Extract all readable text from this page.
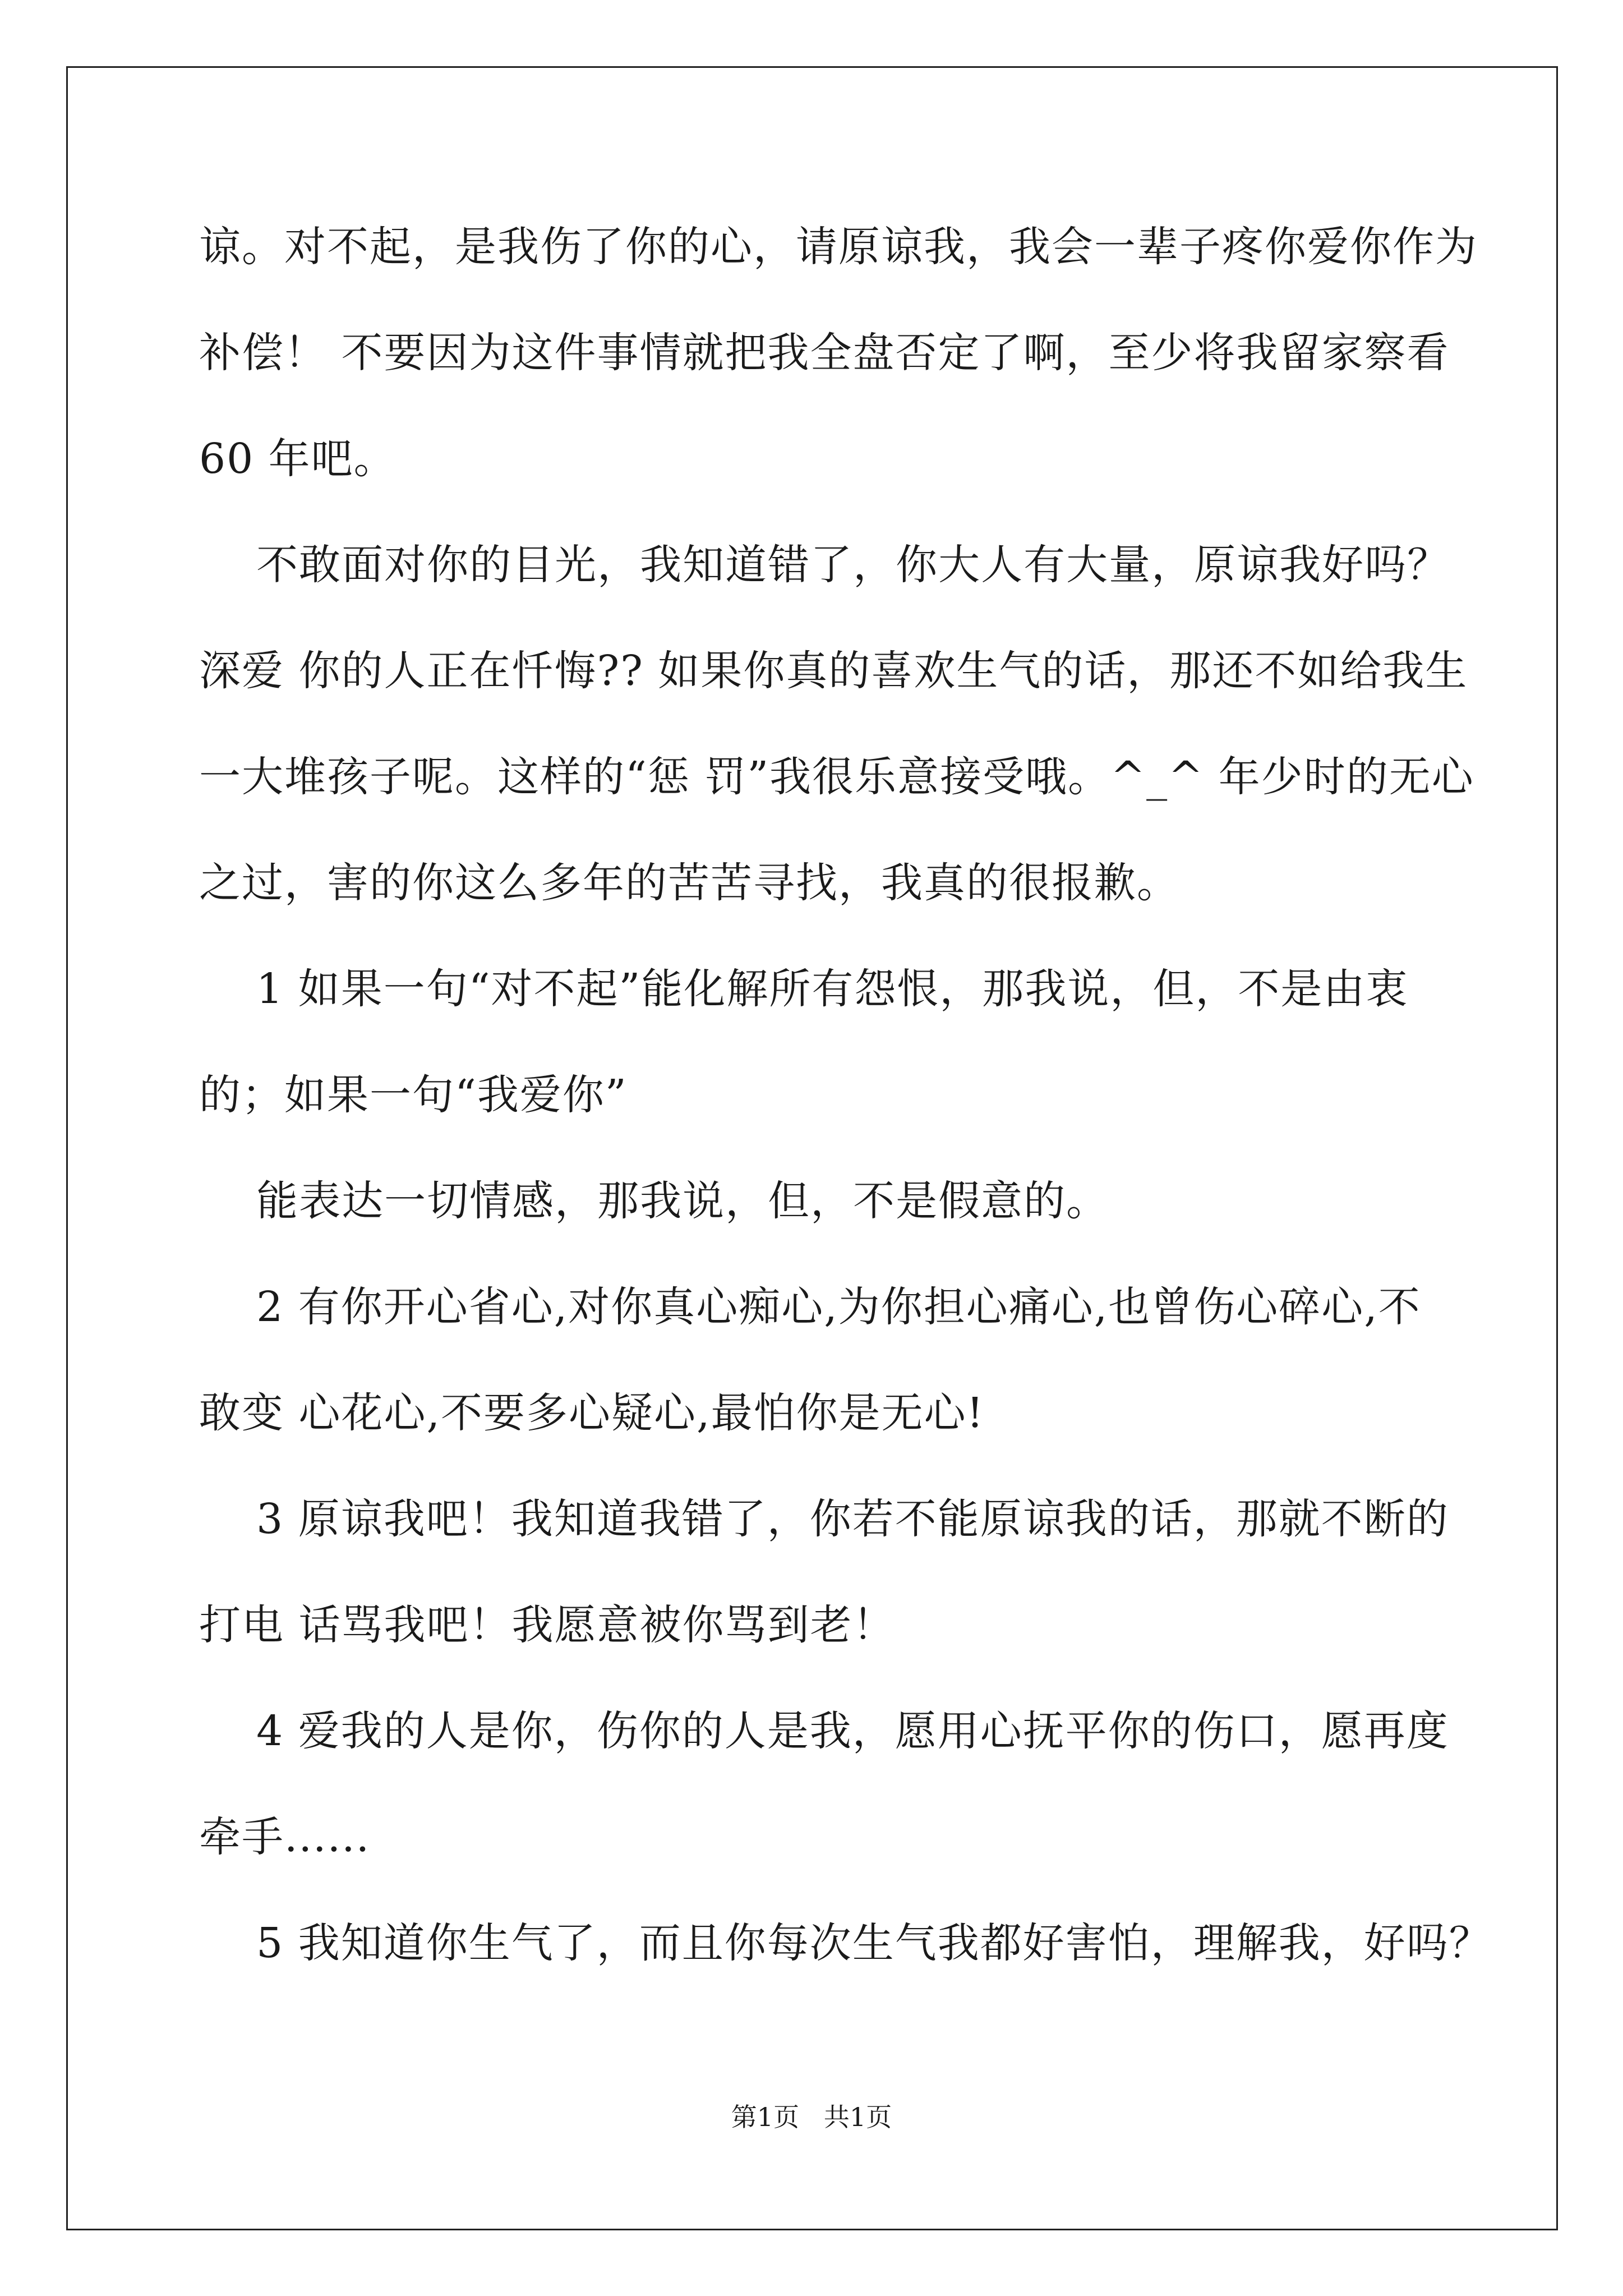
谅。对不起，是我伤了你的心，请原谅我，我会一辈子疼你爱你作为
补偿！ 不要因为这件事情就把我全盘否定了啊，至少将我留家察看
60 年吧。
不敢面对你的目光，我知道错了，你大人有大量，原谅我好吗？
深爱 你的人正在忏悔?? 如果你真的喜欢生气的话，那还不如给我生
一大堆孩子呢。这样的“惩 罚”我很乐意接受哦。^_^ 年少时的无心
之过，害的你这么多年的苦苦寻找，我真的很报歉。
1 如果一句“对不起”能化解所有怨恨，那我说，但，不是由衷
的；如果一句“我爱你”
能表达一切情感，那我说，但，不是假意的。
2 有你开心省心,对你真心痴心,为你担心痛心,也曾伤心碎心,不
敢变 心花心,不要多心疑心,最怕你是无心!
3 原谅我吧！我知道我错了，你若不能原谅我的话，那就不断的
打电 话骂我吧！我愿意被你骂到老！
4 爱我的人是你，伤你的人是我，愿用心抚平你的伤口，愿再度
牵手......
5 我知道你生气了，而且你每次生气我都好害怕，理解我，好吗？
第1页   共1页
